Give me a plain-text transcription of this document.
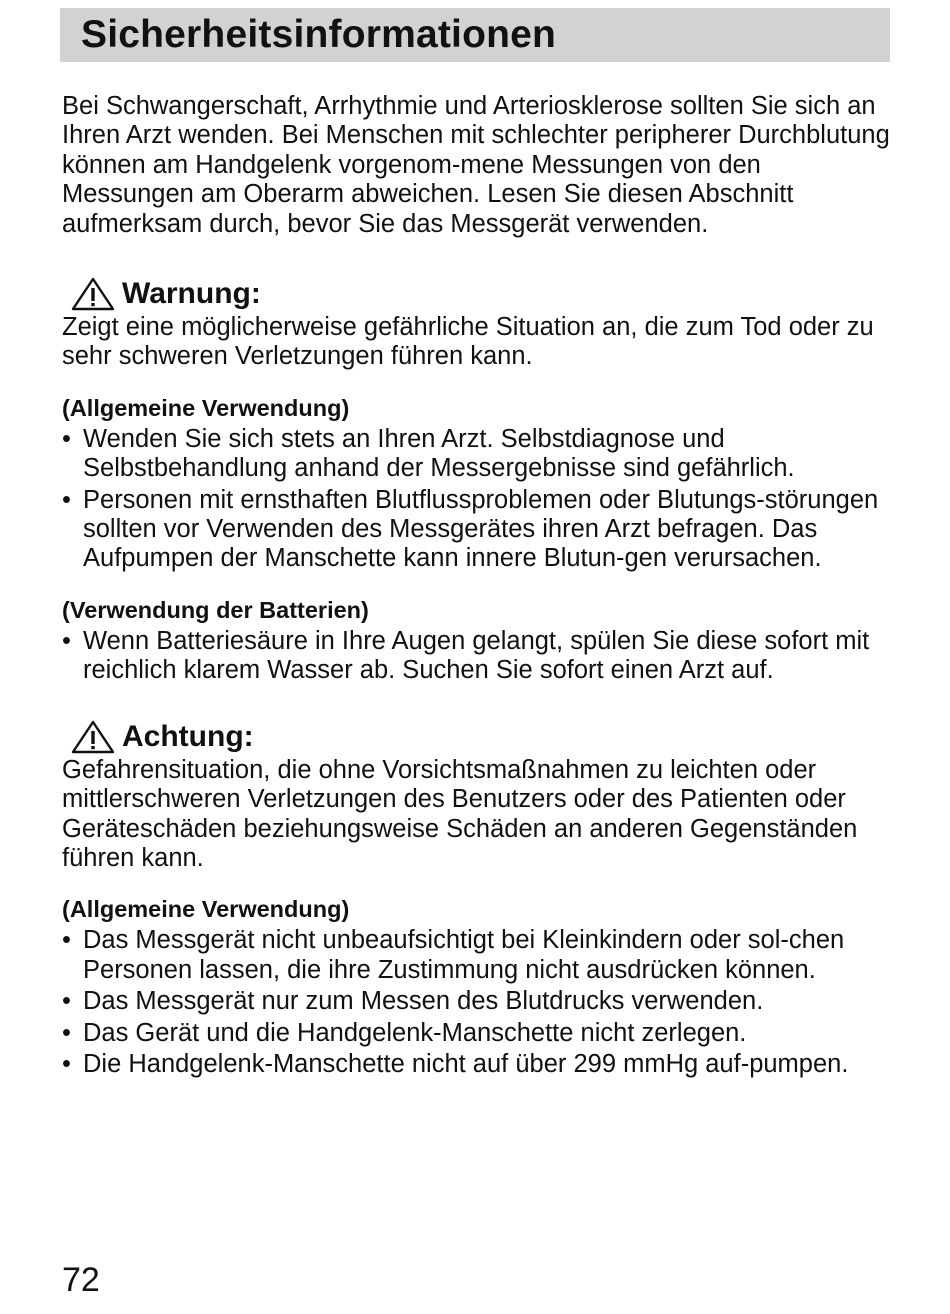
Sicherheitsinformationen

Bei Schwangerschaft, Arrhythmie und Arteriosklerose sollten Sie sich an Ihren Arzt wenden. Bei Menschen mit schlechter peripherer Durchblutung können am Handgelenk vorgenom-mene Messungen von den Messungen am Oberarm abweichen. Lesen Sie diesen Abschnitt aufmerksam durch, bevor Sie das Messgerät verwenden.

Warnung:

Zeigt eine möglicherweise gefährliche Situation an, die zum Tod oder zu sehr schweren Verletzungen führen kann.

(Allgemeine Verwendung)

• Wenden Sie sich stets an Ihren Arzt. Selbstdiagnose und Selbstbehandlung anhand der Messergebnisse sind gefährlich.
• Personen mit ernsthaften Blutflussproblemen oder Blutungs-störungen sollten vor Verwenden des Messgerätes ihren Arzt befragen. Das Aufpumpen der Manschette kann innere Blutun-gen verursachen.

(Verwendung der Batterien)

• Wenn Batteriesäure in Ihre Augen gelangt, spülen Sie diese sofort mit reichlich klarem Wasser ab. Suchen Sie sofort einen Arzt auf.
Achtung:

Gefahrensituation, die ohne Vorsichtsmaßnahmen zu leichten oder mittlerschweren Verletzungen des Benutzers oder des Patienten oder Geräteschäden beziehungsweise Schäden an anderen Gegenständen führen kann.

(Allgemeine Verwendung)

• Das Messgerät nicht unbeaufsichtigt bei Kleinkindern oder sol-chen Personen lassen, die ihre Zustimmung nicht ausdrücken können.
• Das Messgerät nur zum Messen des Blutdrucks verwenden.
• Das Gerät und die Handgelenk-Manschette nicht zerlegen.
• Die Handgelenk-Manschette nicht auf über 299 mmHg auf-pumpen.
72
